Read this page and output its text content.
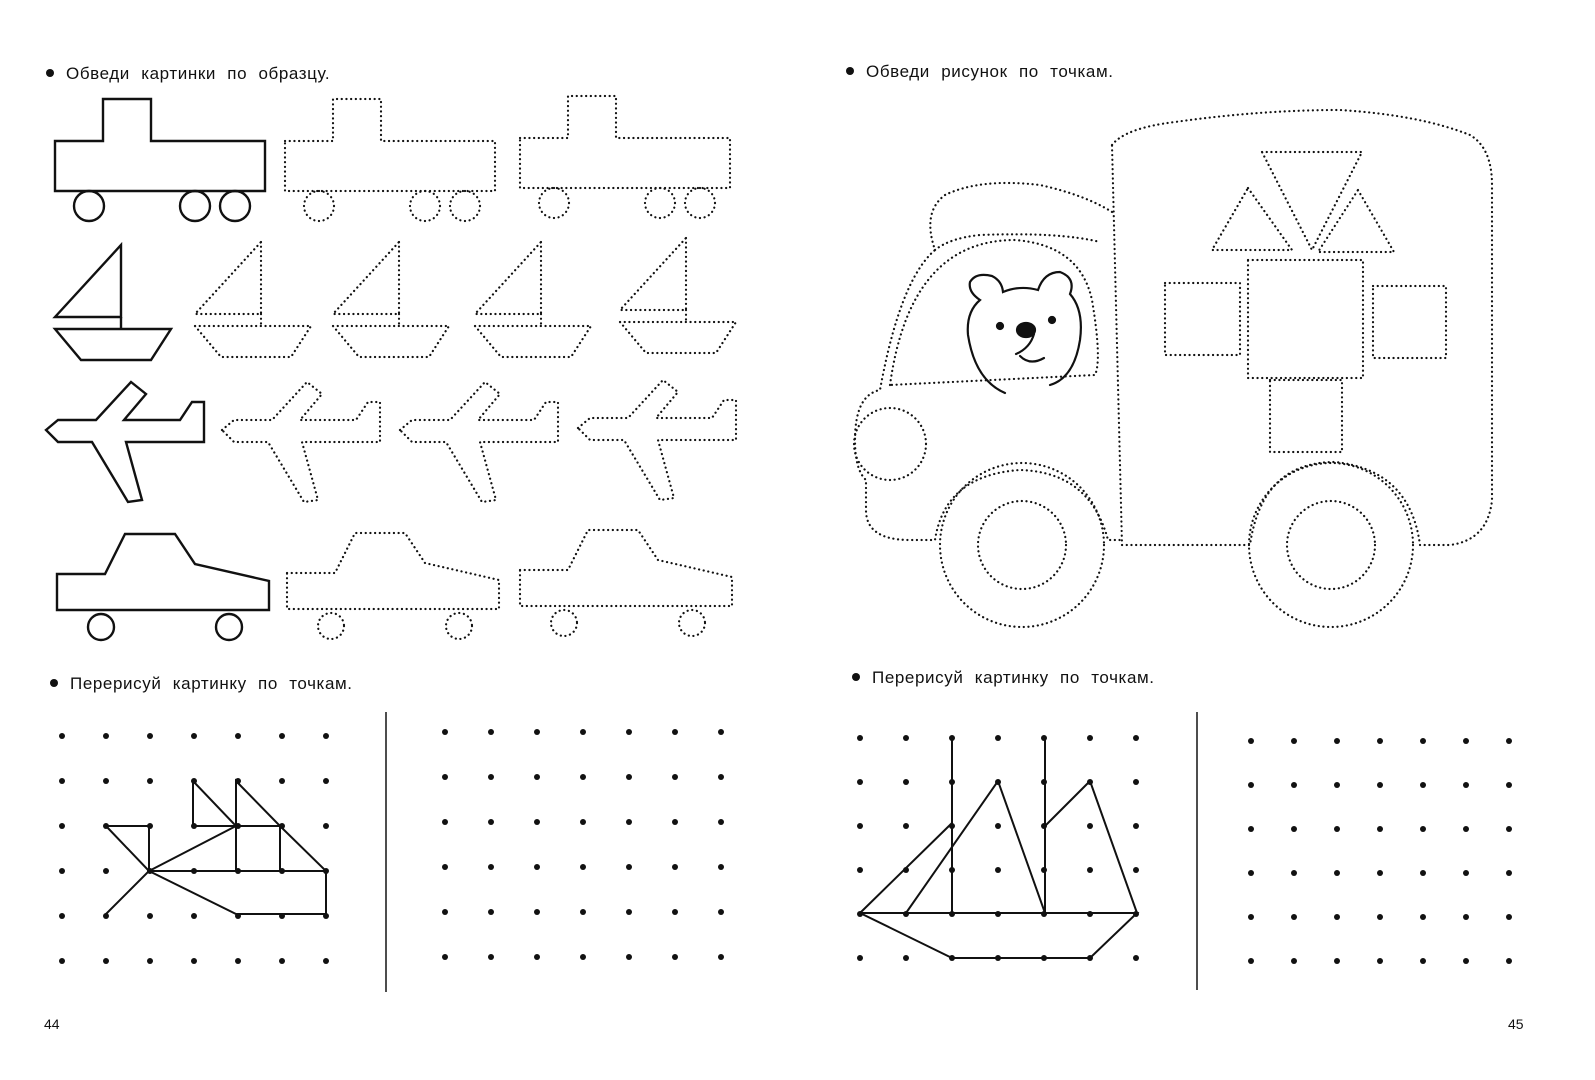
Обведи картинки по образцу.	Обведи рисунок по точкам.
Перерисуй картинку по точкам.	Перерисуй картинку по точкам.
44	45
